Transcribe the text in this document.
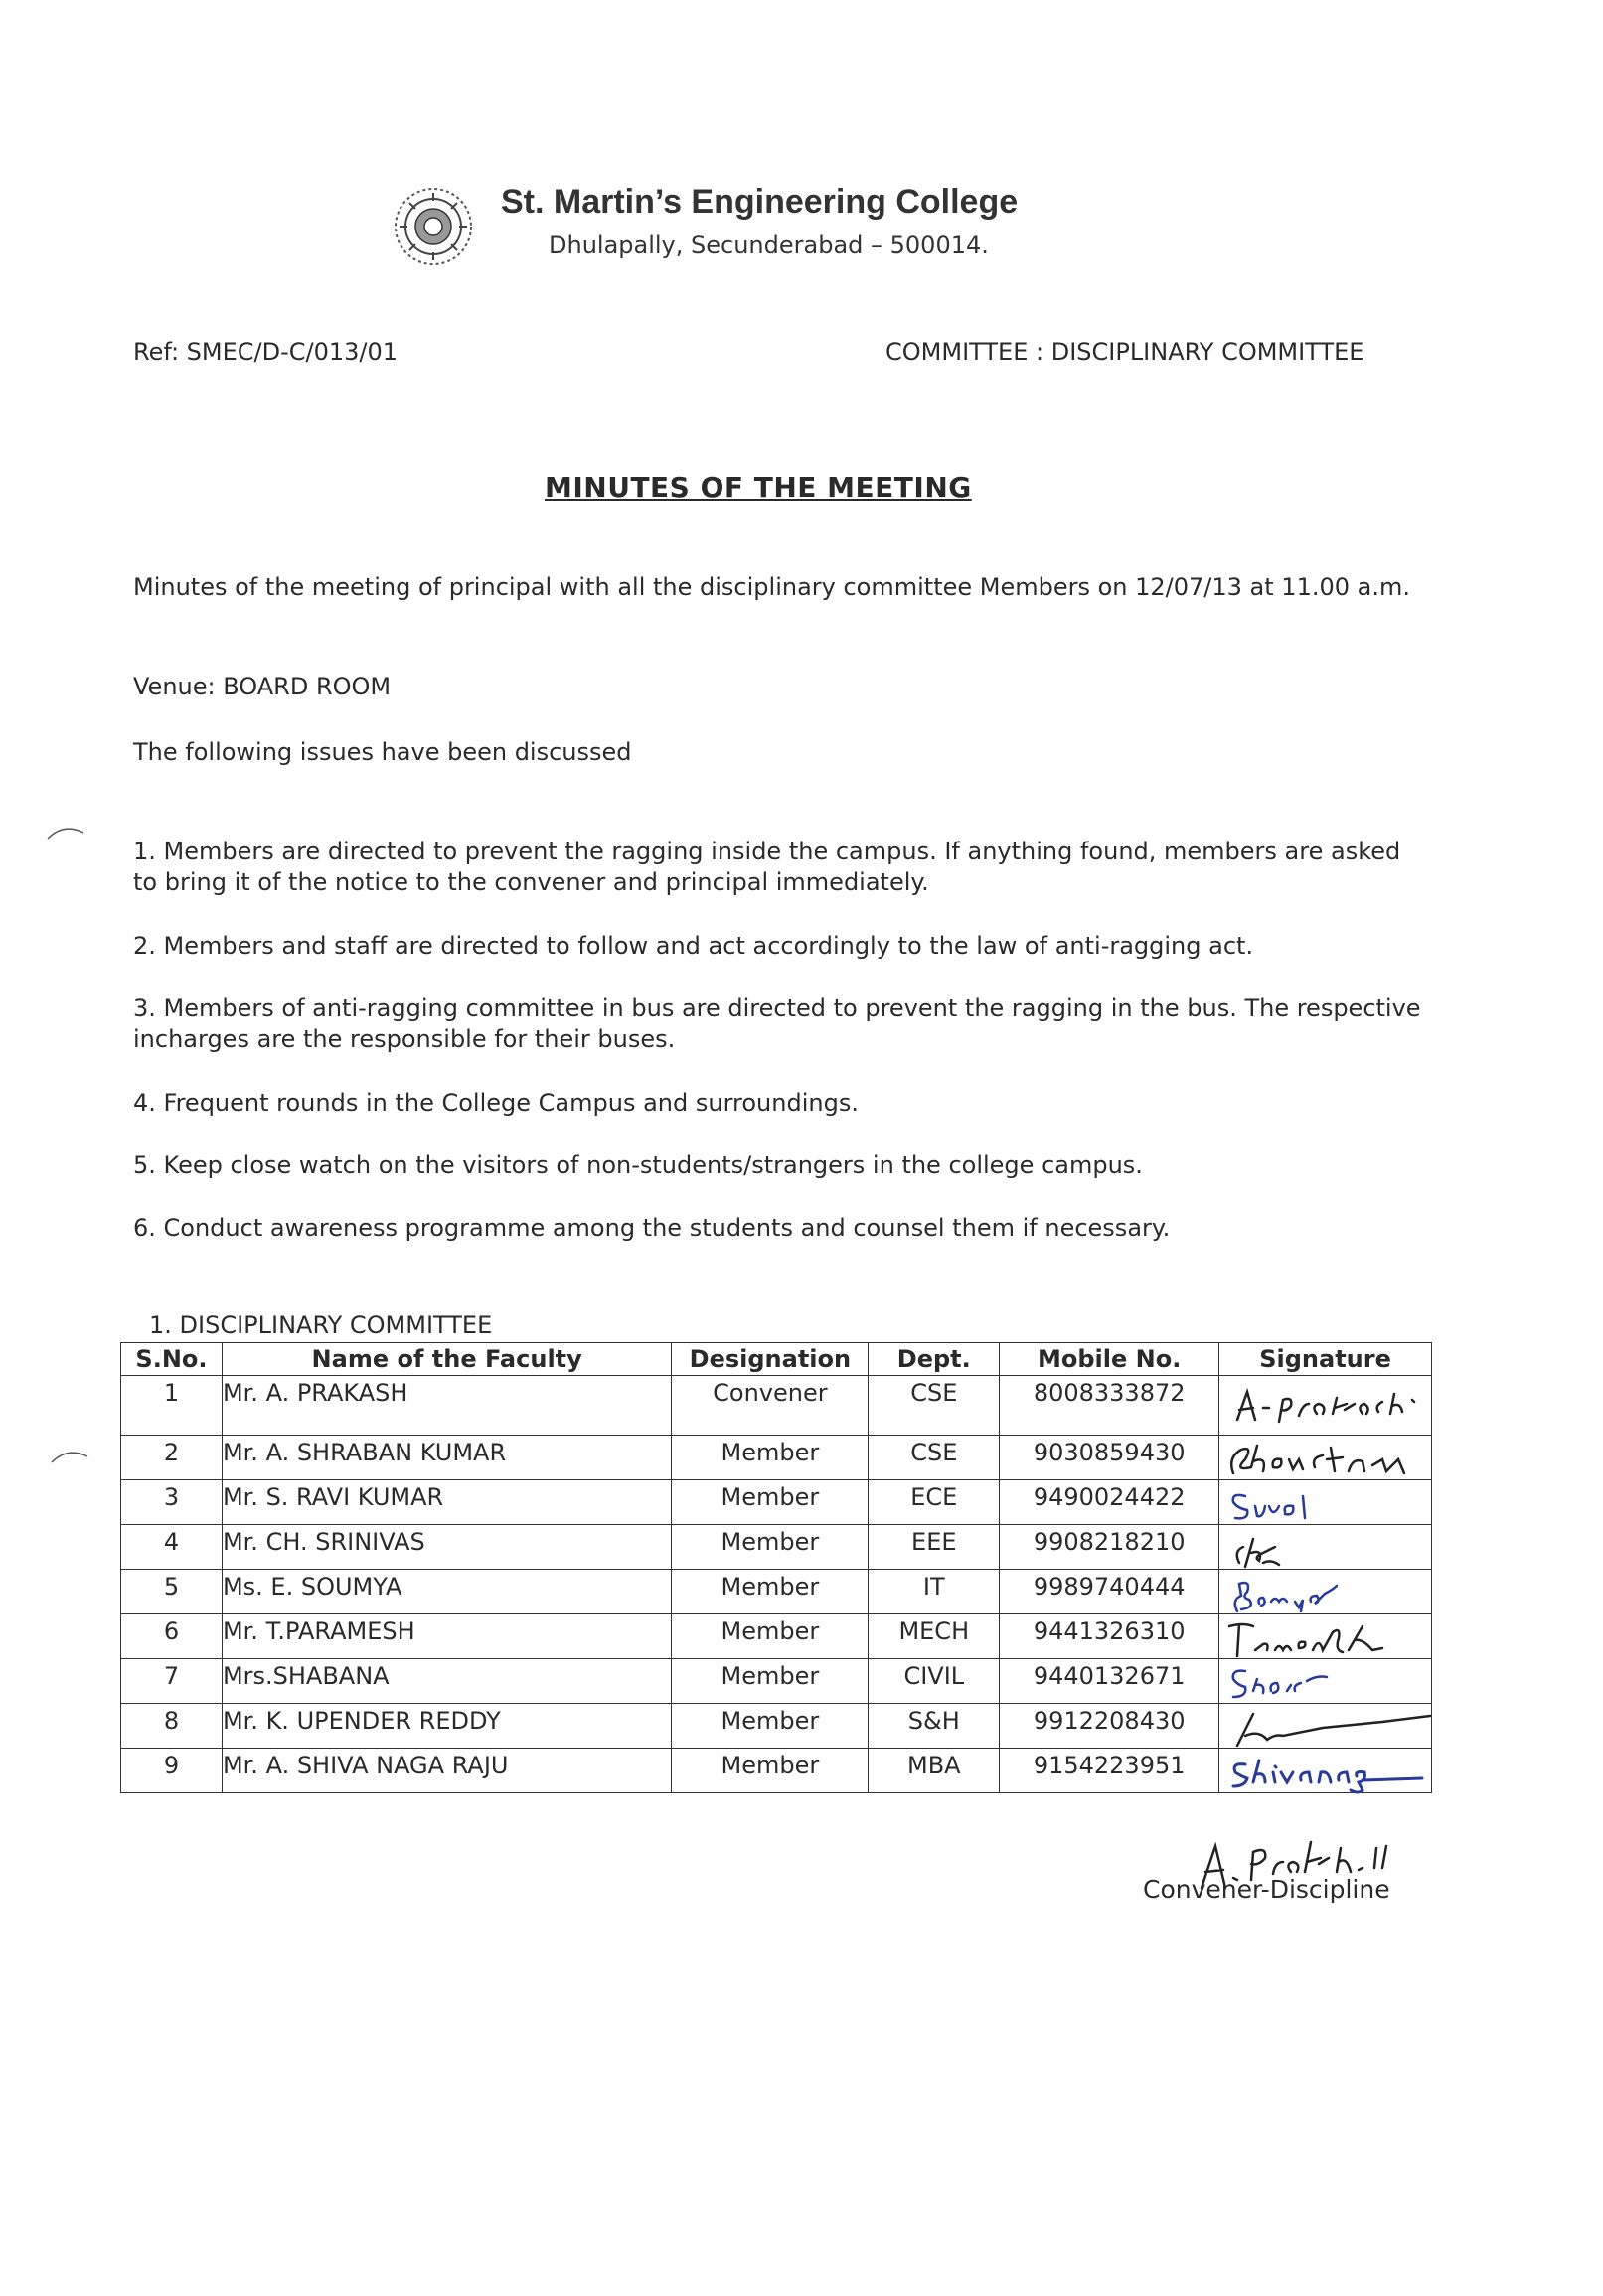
St. Martin’s Engineering College
Dhulapally, Secunderabad – 500014.
Ref: SMEC/D-C/013/01	COMMITTEE : DISCIPLINARY COMMITTEE
MINUTES OF THE MEETING
Minutes of the meeting of principal with all the disciplinary committee Members on 12/07/13 at 11.00 a.m.
Venue: BOARD ROOM
The following issues have been discussed
1. Members are directed to prevent the ragging inside the campus. If anything found, members are asked to bring it of the notice to the convener and principal immediately.
2. Members and staff are directed to follow and act accordingly to the law of anti-ragging act.
3. Members of anti-ragging committee in bus are directed to prevent the ragging in the bus. The respective incharges are the responsible for their buses.
4. Frequent rounds in the College Campus and surroundings.
5. Keep close watch on the visitors of non-students/strangers in the college campus.
6. Conduct awareness programme among the students and counsel them if necessary.
1. DISCIPLINARY COMMITTEE
S.No.	Name of the Faculty	Designation	Dept.	Mobile No.	Signature
1	Mr. A. PRAKASH	Convener	CSE	8008333872	

2	Mr. A. SHRABAN KUMAR	Member	CSE	9030859430	

3	Mr. S. RAVI KUMAR	Member	ECE	9490024422	

4	Mr. CH. SRINIVAS	Member	EEE	9908218210	

5	Ms. E. SOUMYA	Member	IT	9989740444	

6	Mr. T.PARAMESH	Member	MECH	9441326310	

7	Mrs.SHABANA	Member	CIVIL	9440132671	

8	Mr. K. UPENDER REDDY	Member	S&H	9912208430	

9	Mr. A. SHIVA NAGA RAJU	Member	MBA	9154223951	
Convener-Discipline
